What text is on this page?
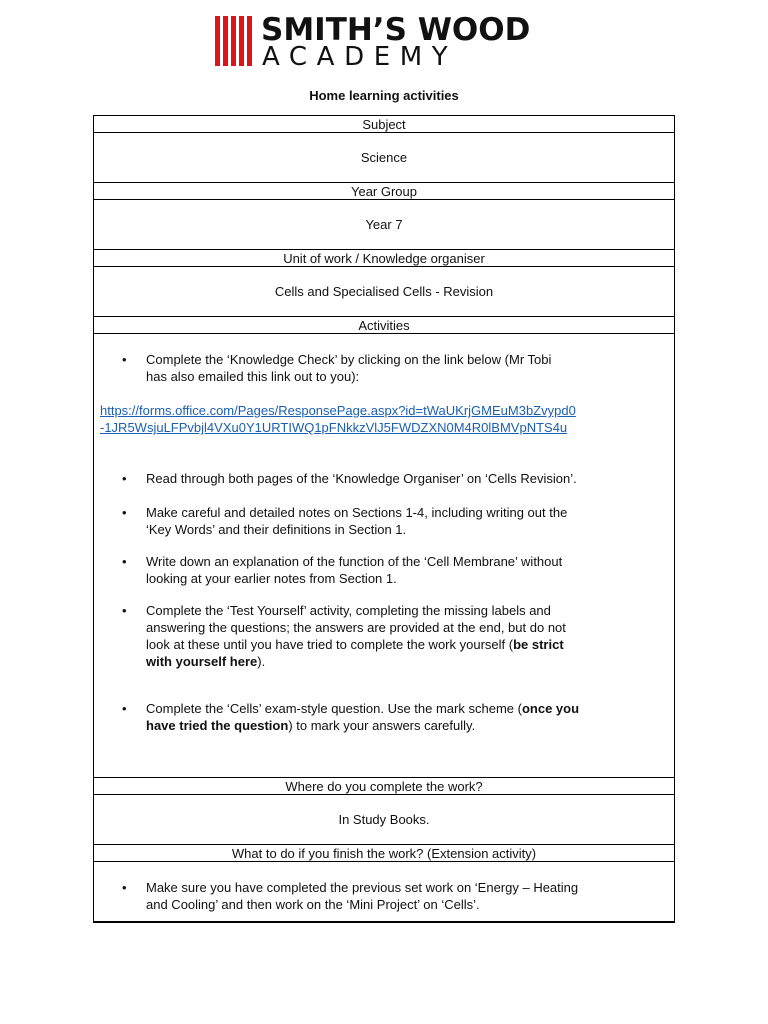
SMITH’S WOOD
ACADEMY
Home learning activities
Subject
Science
Year Group
Year 7
Unit of work / Knowledge organiser
Cells and Specialised Cells - Revision
Activities
• Complete the ‘Knowledge Check’ by clicking on the link below (Mr Tobi
has also emailed this link out to you):
https://forms.office.com/Pages/ResponsePage.aspx?id=tWaUKrjGMEuM3bZvypd0
-1JR5WsjuLFPvbjl4VXu0Y1URTIWQ1pFNkkzVlJ5FWDZXN0M4R0lBMVpNTS4u
• Read through both pages of the ‘Knowledge Organiser’ on ‘Cells Revision’.
• Make careful and detailed notes on Sections 1-4, including writing out the
‘Key Words’ and their definitions in Section 1.
• Write down an explanation of the function of the ‘Cell Membrane’ without
looking at your earlier notes from Section 1.
• Complete the ‘Test Yourself’ activity, completing the missing labels and
answering the questions; the answers are provided at the end, but do not
look at these until you have tried to complete the work yourself (be strict
with yourself here).
• Complete the ‘Cells’ exam-style question. Use the mark scheme (once you
have tried the question) to mark your answers carefully.
Where do you complete the work?
In Study Books.
What to do if you finish the work? (Extension activity)
• Make sure you have completed the previous set work on ‘Energy – Heating
and Cooling’ and then work on the ‘Mini Project’ on ‘Cells’.
